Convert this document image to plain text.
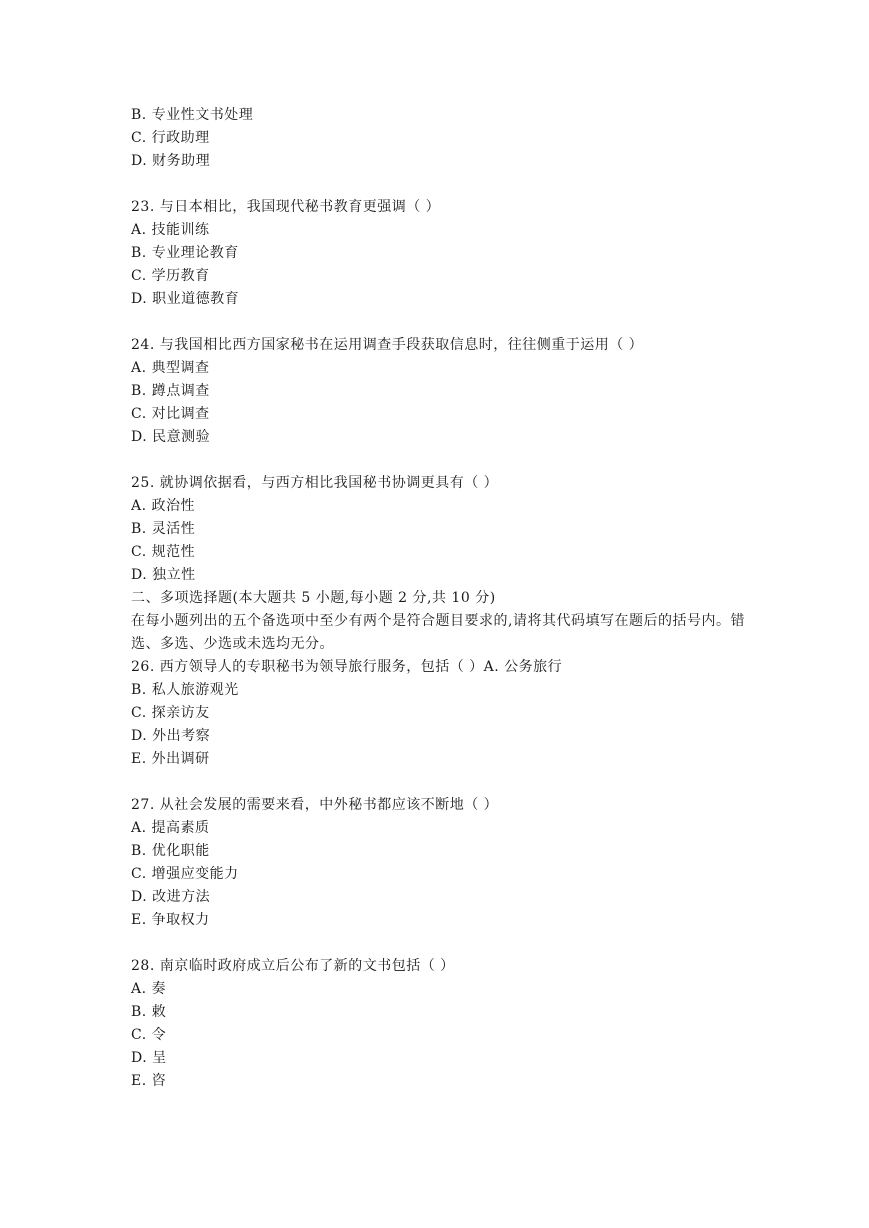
B. 专业性文书处理
C. 行政助理
D. 财务助理
23. 与日本相比，我国现代秘书教育更强调（ ）
A. 技能训练
B. 专业理论教育
C. 学历教育
D. 职业道德教育
24. 与我国相比西方国家秘书在运用调查手段获取信息时，往往侧重于运用（ ）
A. 典型调查
B. 蹲点调查
C. 对比调查
D. 民意测验
25. 就协调依据看，与西方相比我国秘书协调更具有（ ）
A. 政治性
B. 灵活性
C. 规范性
D. 独立性
二、多项选择题(本大题共 5 小题,每小题 2 分,共 10 分)
在每小题列出的五个备选项中至少有两个是符合题目要求的,请将其代码填写在题后的括号内。错选、多选、少选或未选均无分。
26. 西方领导人的专职秘书为领导旅行服务，包括（ ）A. 公务旅行
B. 私人旅游观光
C. 探亲访友
D. 外出考察
E. 外出调研
27. 从社会发展的需要来看，中外秘书都应该不断地（ ）
A. 提高素质
B. 优化职能
C. 增强应变能力
D. 改进方法
E. 争取权力
28. 南京临时政府成立后公布了新的文书包括（ ）
A. 奏
B. 敕
C. 令
D. 呈
E. 咨
